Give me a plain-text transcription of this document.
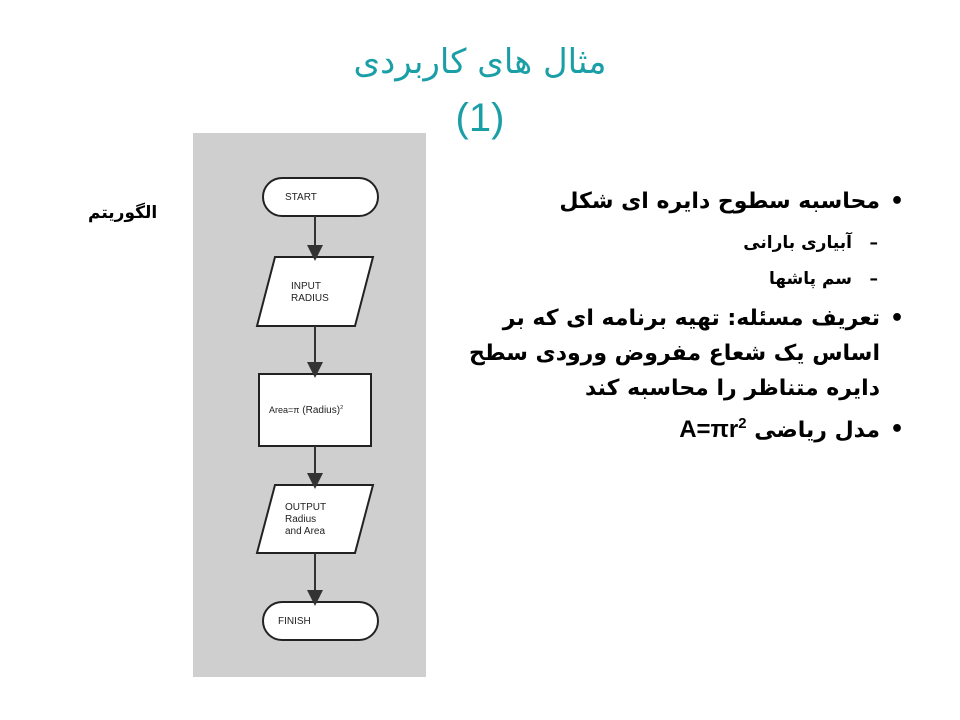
مثال های کاربردی
(1)
الگوریتم
START
INPUT
RADIUS
Area=π (Radius)$^2$
OUTPUT
Radius
and Area
FINISH
•
محاسبه سطوح دایره ای شکل
–
آبیاری بارانی
–
سم پاشها
•
تعریف مسئله: تهیه برنامه ای که بر اساس یک شعاع مفروض ورودی سطح دایره متناظر را محاسبه کند
•
مدل ریاضی $A=\pi r^2$
